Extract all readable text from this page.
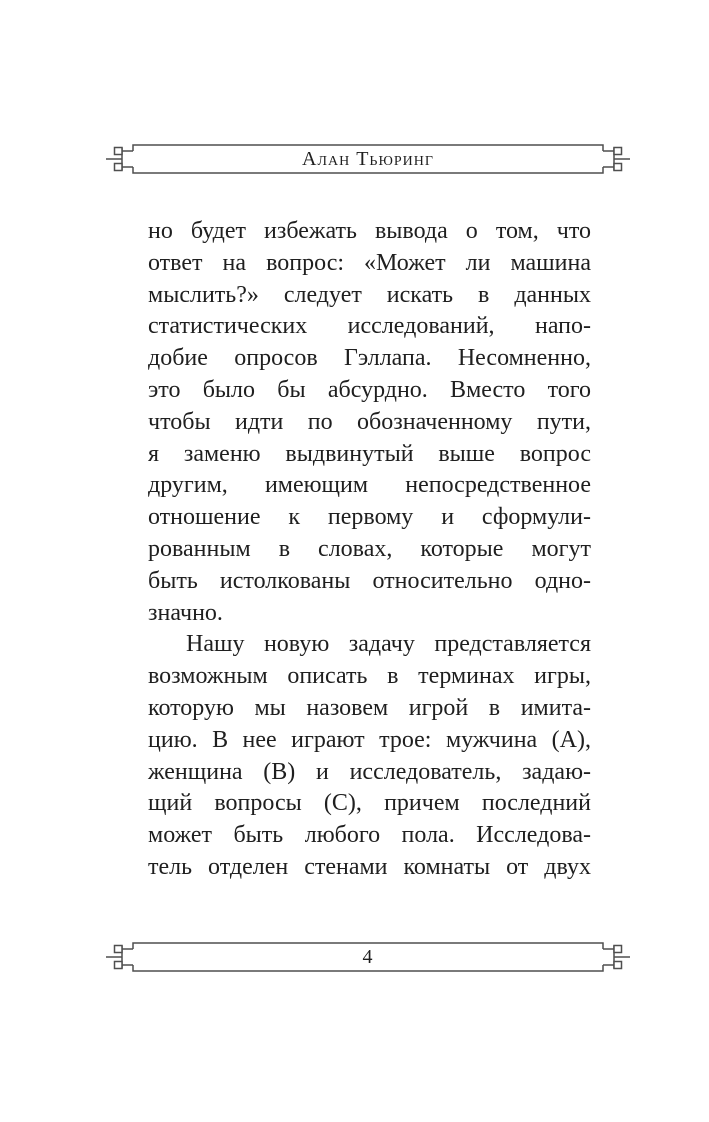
Алан Тьюринг
но будет избежать вывода о том, что
ответ на вопрос: «Может ли машина
мыслить?» следует искать в данных
статистических исследований, напо-
добие опросов Гэллапа. Несомненно,
это было бы абсурдно. Вместо того
чтобы идти по обозначенному пути,
я заменю выдвинутый выше вопрос
другим, имеющим непосредственное
отношение к первому и сформули-
рованным в словах, которые могут
быть истолкованы относительно одно-
значно.
Нашу новую задачу представляется
возможным описать в терминах игры,
которую мы назовем игрой в имита-
цию. В нее играют трое: мужчина (А),
женщина (В) и исследователь, задаю-
щий вопросы (С), причем последний
может быть любого пола. Исследова-
тель отделен стенами комнаты от двух
4
